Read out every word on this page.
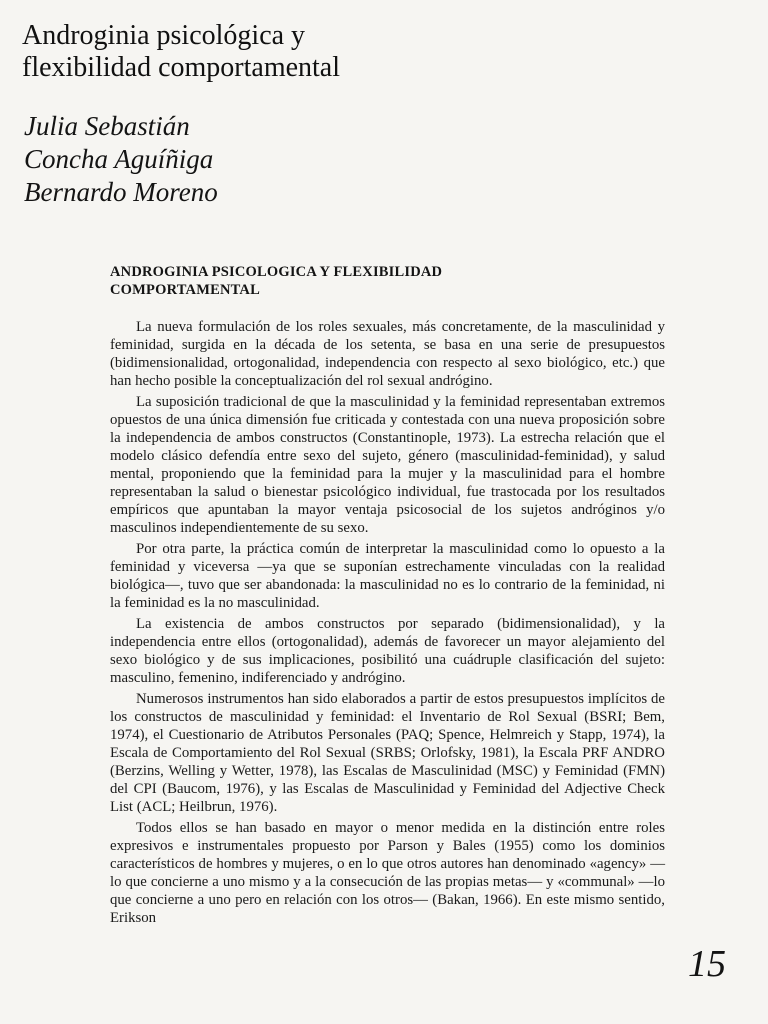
Androginia psicológica y
flexibilidad comportamental
Julia Sebastián
Concha Aguíñiga
Bernardo Moreno
ANDROGINIA PSICOLOGICA Y FLEXIBILIDAD
COMPORTAMENTAL

La nueva formulación de los roles sexuales, más concretamente, de la masculinidad y feminidad, surgida en la década de los setenta, se basa en una serie de presupuestos (bidimensionalidad, ortogonalidad, independencia con respecto al sexo biológico, etc.) que han hecho posible la conceptualización del rol sexual andrógino.

La suposición tradicional de que la masculinidad y la feminidad representaban extremos opuestos de una única dimensión fue criticada y contestada con una nueva proposición sobre la independencia de ambos constructos (Constantinople, 1973). La estrecha relación que el modelo clásico defendía entre sexo del sujeto, género (masculinidad-feminidad), y salud mental, proponiendo que la feminidad para la mujer y la masculinidad para el hombre representaban la salud o bienestar psicológico individual, fue trastocada por los resultados empíricos que apuntaban la mayor ventaja psicosocial de los sujetos andróginos y/o masculinos independientemente de su sexo.

Por otra parte, la práctica común de interpretar la masculinidad como lo opuesto a la feminidad y viceversa —ya que se suponían estrechamente vinculadas con la realidad biológica—, tuvo que ser abandonada: la masculinidad no es lo contrario de la feminidad, ni la feminidad es la no masculinidad.

La existencia de ambos constructos por separado (bidimensionalidad), y la independencia entre ellos (ortogonalidad), además de favorecer un mayor alejamiento del sexo biológico y de sus implicaciones, posibilitó una cuádruple clasificación del sujeto: masculino, femenino, indiferenciado y andrógino.

Numerosos instrumentos han sido elaborados a partir de estos presupuestos implícitos de los constructos de masculinidad y feminidad: el Inventario de Rol Sexual (BSRI; Bem, 1974), el Cuestionario de Atributos Personales (PAQ; Spence, Helmreich y Stapp, 1974), la Escala de Comportamiento del Rol Sexual (SRBS; Orlofsky, 1981), la Escala PRF ANDRO (Berzins, Welling y Wetter, 1978), las Escalas de Masculinidad (MSC) y Feminidad (FMN) del CPI (Baucom, 1976), y las Escalas de Masculinidad y Feminidad del Adjective Check List (ACL; Heilbrun, 1976).

Todos ellos se han basado en mayor o menor medida en la distinción entre roles expresivos e instrumentales propuesto por Parson y Bales (1955) como los dominios característicos de hombres y mujeres, o en lo que otros autores han denominado «agency» —lo que concierne a uno mismo y a la consecución de las propias metas— y «communal» —lo que concierne a uno pero en relación con los otros— (Bakan, 1966). En este mismo sentido, Erikson

15
